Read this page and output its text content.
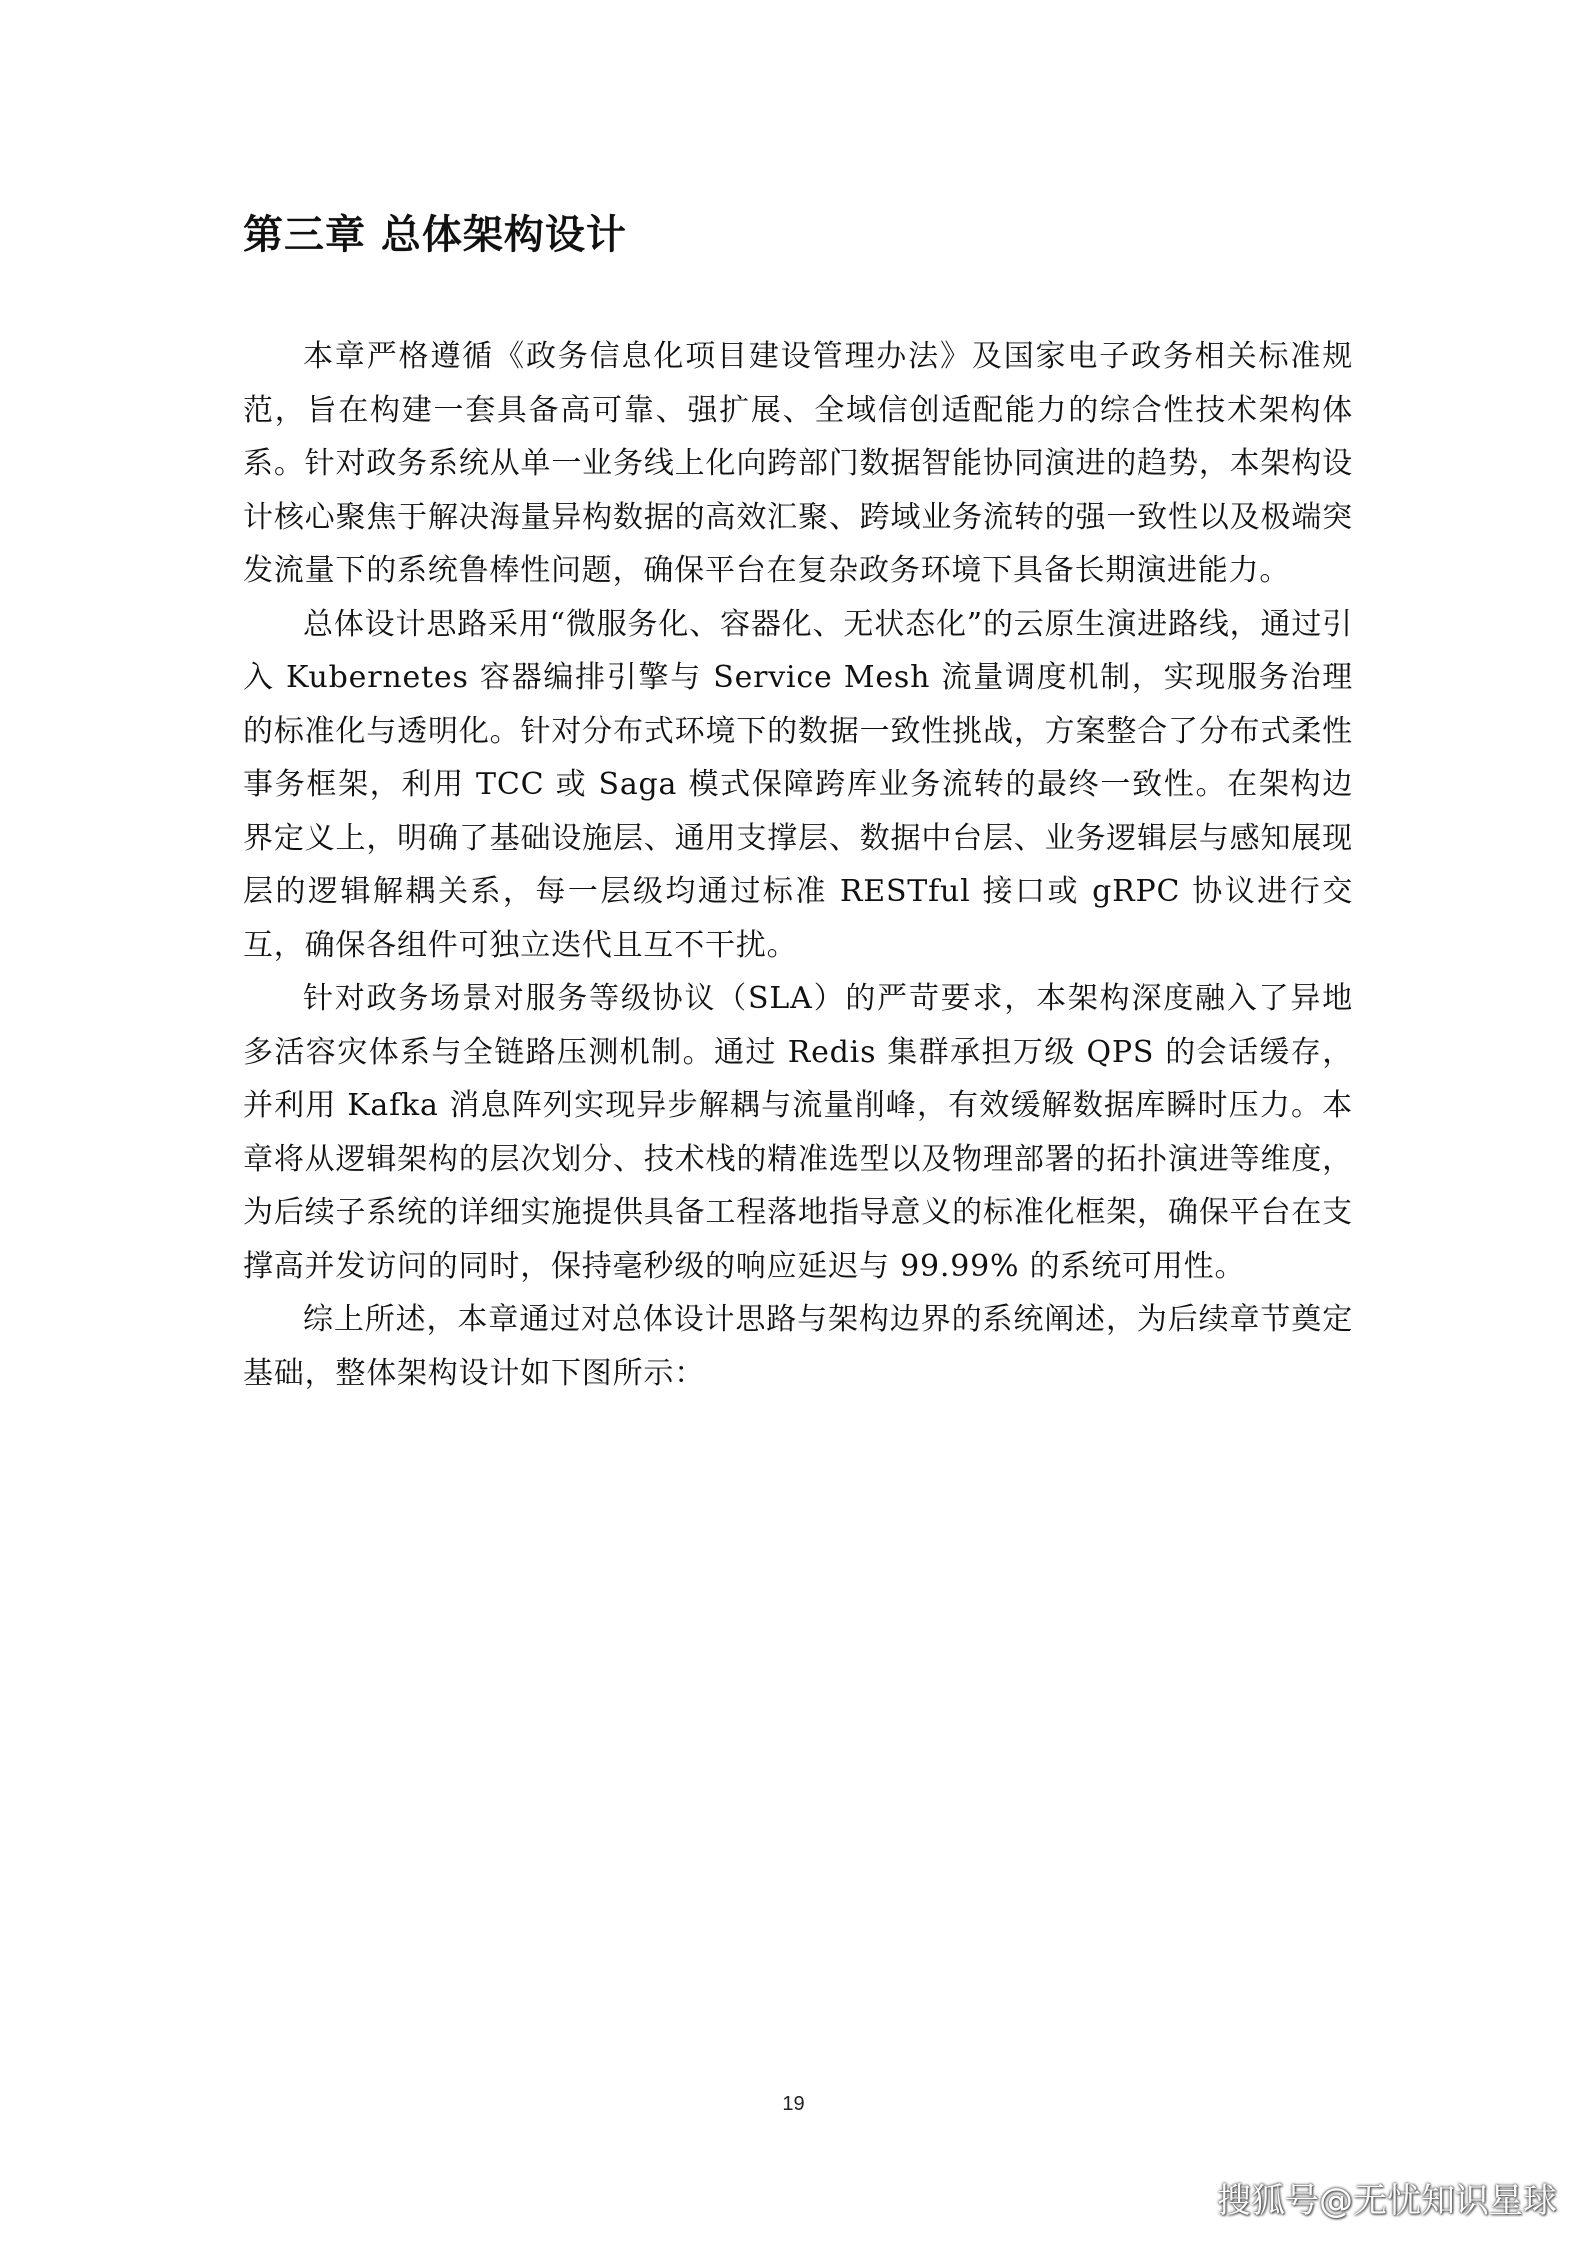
第三章 总体架构设计

本章严格遵循《政务信息化项目建设管理办法》及国家电子政务相关标准规范，旨在构建一套具备高可靠、强扩展、全域信创适配能力的综合性技术架构体系。针对政务系统从单一业务线上化向跨部门数据智能协同演进的趋势，本架构设计核心聚焦于解决海量异构数据的高效汇聚、跨域业务流转的强一致性以及极端突发流量下的系统鲁棒性问题，确保平台在复杂政务环境下具备长期演进能力。

总体设计思路采用“微服务化、容器化、无状态化”的云原生演进路线，通过引入 Kubernetes 容器编排引擎与 Service Mesh 流量调度机制，实现服务治理的标准化与透明化。针对分布式环境下的数据一致性挑战，方案整合了分布式柔性事务框架，利用 TCC 或 Saga 模式保障跨库业务流转的最终一致性。在架构边界定义上，明确了基础设施层、通用支撑层、数据中台层、业务逻辑层与感知展现层的逻辑解耦关系，每一层级均通过标准 RESTful 接口或 gRPC 协议进行交互，确保各组件可独立迭代且互不干扰。

针对政务场景对服务等级协议（SLA）的严苛要求，本架构深度融入了异地多活容灾体系与全链路压测机制。通过 Redis 集群承担万级 QPS 的会话缓存，并利用 Kafka 消息阵列实现异步解耦与流量削峰，有效缓解数据库瞬时压力。本章将从逻辑架构的层次划分、技术栈的精准选型以及物理部署的拓扑演进等维度，为后续子系统的详细实施提供具备工程落地指导意义的标准化框架，确保平台在支撑高并发访问的同时，保持毫秒级的响应延迟与 99.99% 的系统可用性。

综上所述，本章通过对总体设计思路与架构边界的系统阐述，为后续章节奠定基础，整体架构设计如下图所示：

19
搜狐号@无忧知识星球
